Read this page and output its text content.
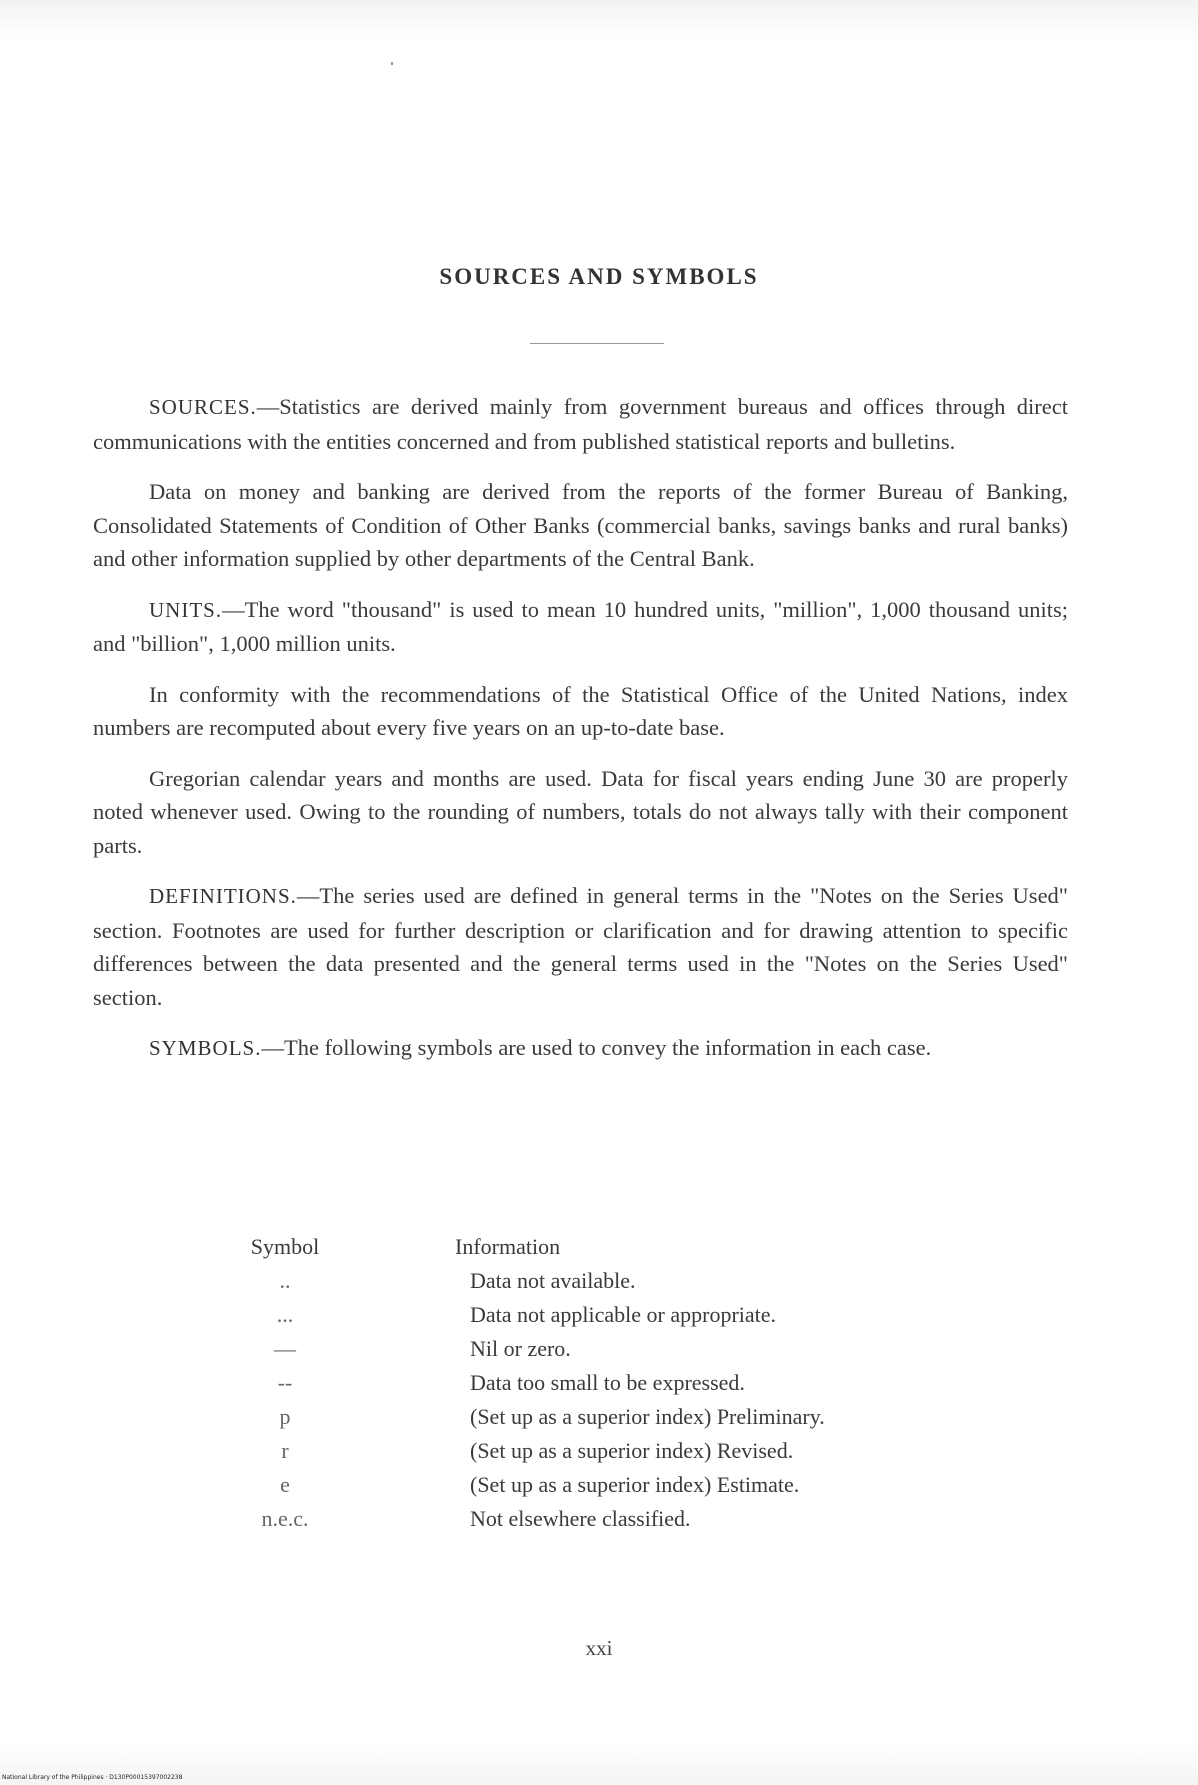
SOURCES AND SYMBOLS

SOURCES.—Statistics are derived mainly from government bureaus and offices through direct communications with the entities concerned and from published statistical reports and bulletins.

Data on money and banking are derived from the reports of the former Bureau of Banking, Consolidated Statements of Condition of Other Banks (commercial banks, savings banks and rural banks) and other information supplied by other departments of the Central Bank.

UNITS.—The word "thousand" is used to mean 10 hundred units, "million", 1,000 thousand units; and "billion", 1,000 million units.

In conformity with the recommendations of the Statistical Office of the United Nations, index numbers are recomputed about every five years on an up-to-date base.

Gregorian calendar years and months are used. Data for fiscal years ending June 30 are properly noted whenever used. Owing to the rounding of numbers, totals do not always tally with their component parts.

DEFINITIONS.—The series used are defined in general terms in the "Notes on the Series Used" section. Footnotes are used for further description or clarification and for drawing attention to specific differences between the data presented and the general terms used in the "Notes on the Series Used" section.

SYMBOLS.—The following symbols are used to convey the information in each case.

Symbol	Information
..	Data not available.
...	Data not applicable or appropriate.
—	Nil or zero.
--	Data too small to be expressed.
p	(Set up as a superior index) Preliminary.
r	(Set up as a superior index) Revised.
e	(Set up as a superior index) Estimate.
n.e.c.	Not elsewhere classified.
xxi
National Library of the Philippines · D130P00015397002238
